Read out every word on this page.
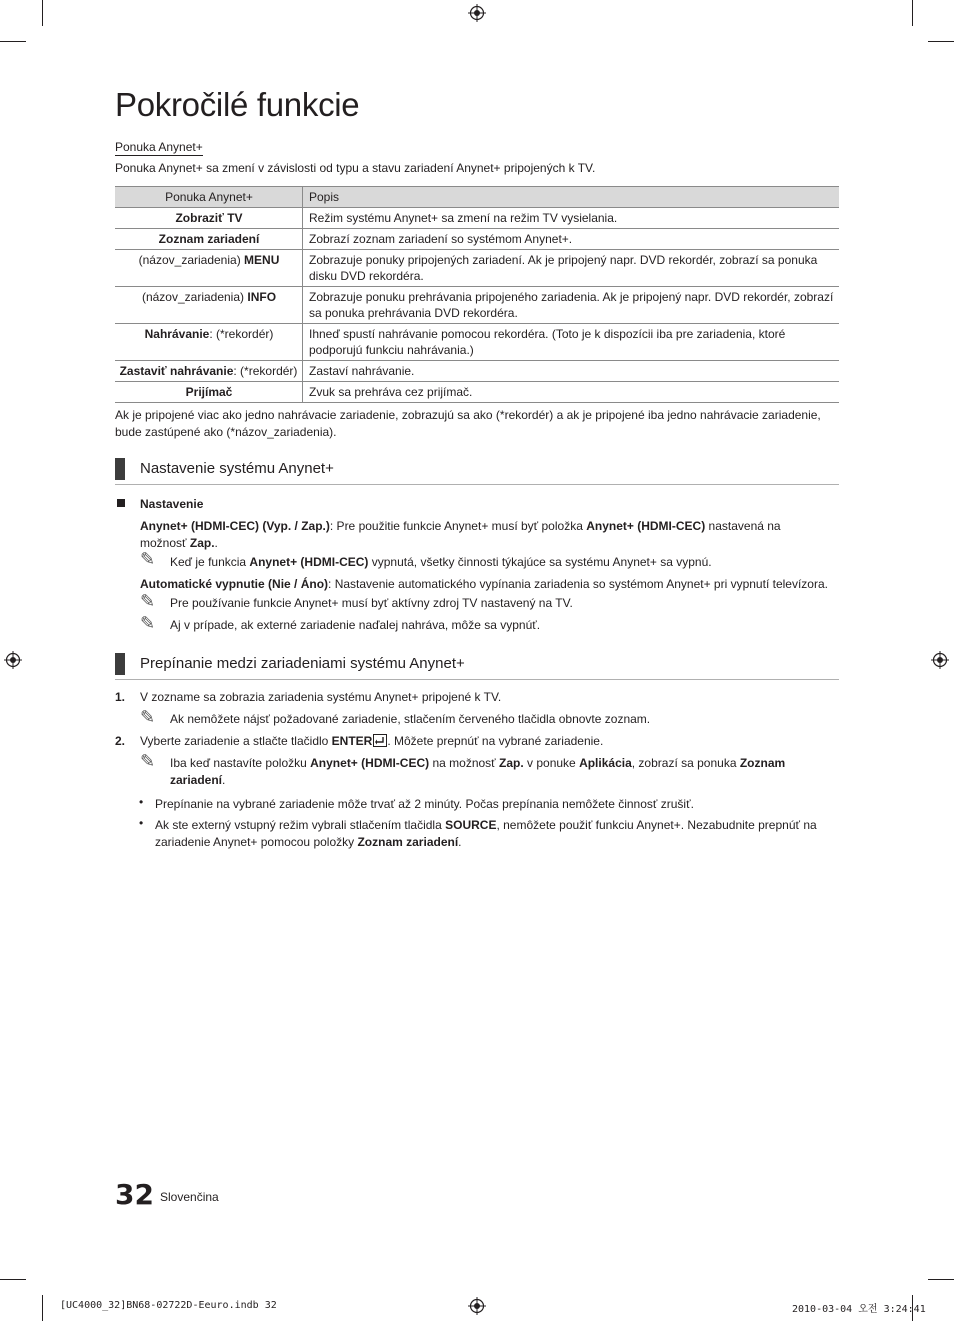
Pokročilé funkcie
Ponuka Anynet+
Ponuka Anynet+ sa zmení v závislosti od typu a stavu zariadení Anynet+ pripojených k TV.
Ponuka Anynet+	Popis
Zobraziť TV	Režim systému Anynet+ sa zmení na režim TV vysielania.
Zoznam zariadení	Zobrazí zoznam zariadení so systémom Anynet+.
(názov_zariadenia) MENU	Zobrazuje ponuky pripojených zariadení. Ak je pripojený napr. DVD rekordér, zobrazí sa ponuka disku DVD rekordéra.
(názov_zariadenia) INFO	Zobrazuje ponuku prehrávania pripojeného zariadenia. Ak je pripojený napr. DVD rekordér, zobrazí sa ponuka prehrávania DVD rekordéra.
Nahrávanie: (*rekordér)	Ihneď spustí nahrávanie pomocou rekordéra. (Toto je k dispozícii iba pre zariadenia, ktoré podporujú funkciu nahrávania.)
Zastaviť nahrávanie: (*rekordér)	Zastaví nahrávanie.
Prijímač	Zvuk sa prehráva cez prijímač.
Ak je pripojené viac ako jedno nahrávacie zariadenie, zobrazujú sa ako (*rekordér) a ak je pripojené iba jedno nahrávacie zariadenie, bude zastúpené ako (*názov_zariadenia).
Nastavenie systému Anynet+
Nastavenie
Anynet+ (HDMI-CEC) (Vyp. / Zap.): Pre použitie funkcie Anynet+ musí byť položka Anynet+ (HDMI-CEC) nastavená na možnosť Zap..
✎ Keď je funkcia Anynet+ (HDMI-CEC) vypnutá, všetky činnosti týkajúce sa systému Anynet+ sa vypnú.
Automatické vypnutie (Nie / Áno): Nastavenie automatického vypínania zariadenia so systémom Anynet+ pri vypnutí televízora.
✎ Pre používanie funkcie Anynet+ musí byť aktívny zdroj TV nastavený na TV.
✎ Aj v prípade, ak externé zariadenie naďalej nahráva, môže sa vypnúť.
Prepínanie medzi zariadeniami systému Anynet+
1. V zozname sa zobrazia zariadenia systému Anynet+ pripojené k TV.
✎ Ak nemôžete nájsť požadované zariadenie, stlačením červeného tlačidla obnovte zoznam.
2. Vyberte zariadenie a stlačte tlačidlo ENTER . Môžete prepnúť na vybrané zariadenie.
✎ Iba keď nastavíte položku Anynet+ (HDMI-CEC) na možnosť Zap. v ponuke Aplikácia, zobrazí sa ponuka Zoznam zariadení.
• Prepínanie na vybrané zariadenie môže trvať až 2 minúty. Počas prepínania nemôžete činnosť zrušiť.
• Ak ste externý vstupný režim vybrali stlačením tlačidla SOURCE, nemôžete použiť funkciu Anynet+. Nezabudnite prepnúť na zariadenie Anynet+ pomocou položky Zoznam zariadení.
32 Slovenčina
[UC4000_32]BN68-02722D-Eeuro.indb 32	2010-03-04 오전 3:24:41
